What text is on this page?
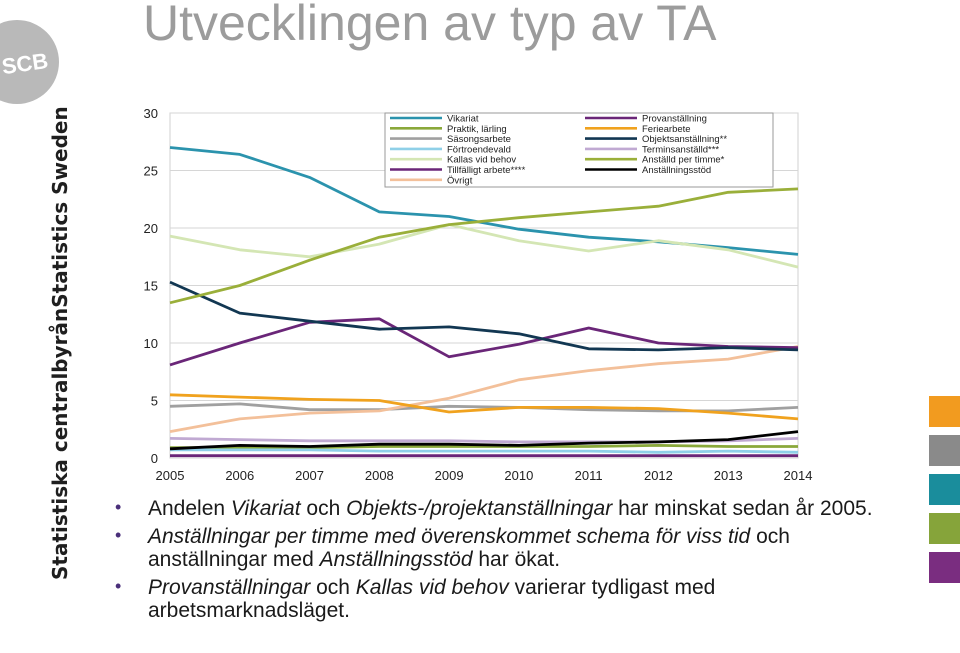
Utvecklingen av typ av TA
SCB
Statistiska centralbyrån
Statistics Sweden
0
5
10
15
20
25
30
2005	2006	2007	2008	2009	2010	2011	2012	2013	2014
Vikariat
Praktik, lärling
Säsongsarbete
Förtroendevald
Kallas vid behov
Tillfälligt arbete****
Övrigt
Provanställning
Feriearbete
Objektsanställning**
Terminsanställd***
Anställd per timme*
Anställningsstöd
• Andelen Vikariat och Objekts-/projektanställningar har minskat sedan år 2005.
• Anställningar per timme med överenskommet schema för viss tid och anställningar med Anställningsstöd har ökat.
• Provanställningar och Kallas vid behov varierar tydligast med arbetsmarknadsläget.
